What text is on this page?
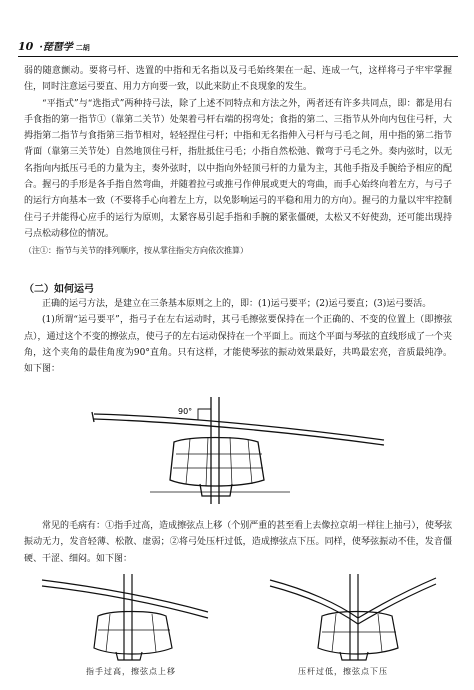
10 ·琵琶学 二胡

弱的随意颤动。要将弓杆、选置的中指和无名指以及弓毛始终架在一起、连成一气，这样将弓子牢牢掌握住，同时注意运弓要直、用力方向要一致，以此来防止不良现象的发生。

“平指式”与“选指式”两种持弓法，除了上述不同特点和方法之外，两者还有许多共同点，即：都是用右手食指的第一指节①（靠第二关节）处架着弓杆右端的拐弯处；食指的第二、三指节从外向内包住弓杆，大拇指第二指节与食指第三指节相对，轻轻捏住弓杆；中指和无名指伸入弓杆与弓毛之间，用中指的第二指节背面（靠第三关节处）自然地顶住弓杆，指肚抵住弓毛；小指自然松弛、微弯于弓毛之外。奏内弦时，以无名指向内抵压弓毛的力量为主，奏外弦时，以中指向外轻顶弓杆的力量为主，其他手指及手腕给予相应的配合。握弓的手形是各手指自然弯曲，并随着拉弓或推弓作伸展或更大的弯曲，而手心始终向着左方，与弓子的运行方向基本一致（不要将手心向着左上方，以免影响运弓的平稳和用力的方向）。握弓的力量以牢牢控制住弓子并能得心应手的运行为原则，太紧容易引起手指和手腕的紧张僵硬，太松又不好使劲，还可能出现持弓点松动移位的情况。

（注①：指节与关节的排列顺序，按从掌往指尖方向依次推算）

（二）如何运弓

正确的运弓方法，是建立在三条基本原则之上的，即：(1)运弓要平；(2)运弓要直；(3)运弓要活。

(1)所谓“运弓要平”，指弓子在左右运动时，其弓毛擦弦要保持在一个正确的、不变的位置上（即擦弦点），通过这个不变的擦弦点，使弓子的左右运动保持在一个平面上。而这个平面与琴弦的直线形成了一个夹角，这个夹角的最佳角度为90°直角。只有这样，才能使琴弦的振动效果最好，共鸣最宏亮，音质最纯净。如下图：

90°

常见的毛病有：①指手过高，造成擦弦点上移（个别严重的甚至看上去像拉京胡一样往上抽弓），使琴弦振动无力，发音轻薄、松散、虚弱；②将弓处压杆过低，造成擦弦点下压。同样，使琴弦振动不佳，发音僵硬、干涩、细闷。如下图：

指手过高，擦弦点上移	压杆过低，擦弦点下压
